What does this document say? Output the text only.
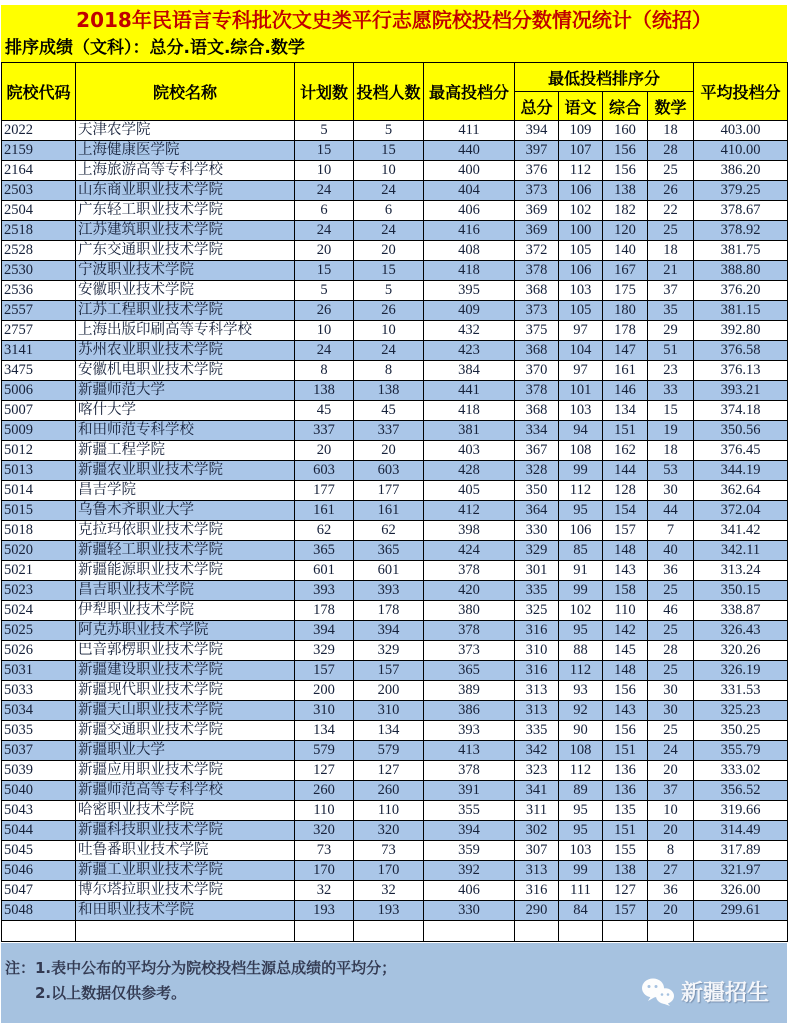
2018年民语言专科批次文史类平行志愿院校投档分数情况统计（统招）
排序成绩（文科）：总分.语文.综合.数学
院校代码	院校名称	计划数	投档人数	最高投档分	最低投档排序分				平均投档分
					总分	语文	综合	数学	
2022	天津农学院	5	5	411	394	109	160	18	403.00
2159	上海健康医学院	15	15	440	397	107	156	28	410.00
2164	上海旅游高等专科学校	10	10	400	376	112	156	25	386.20
2503	山东商业职业技术学院	24	24	404	373	106	138	26	379.25
2504	广东轻工职业技术学院	6	6	406	369	102	182	22	378.67
2518	江苏建筑职业技术学院	24	24	416	369	100	120	25	378.92
2528	广东交通职业技术学院	20	20	408	372	105	140	18	381.75
2530	宁波职业技术学院	15	15	418	378	106	167	21	388.80
2536	安徽职业技术学院	5	5	395	368	103	175	37	376.20
2557	江苏工程职业技术学院	26	26	409	373	105	180	35	381.15
2757	上海出版印刷高等专科学校	10	10	432	375	97	178	29	392.80
3141	苏州农业职业技术学院	24	24	423	368	104	147	51	376.58
3475	安徽机电职业技术学院	8	8	384	370	97	161	23	376.13
5006	新疆师范大学	138	138	441	378	101	146	33	393.21
5007	喀什大学	45	45	418	368	103	134	15	374.18
5009	和田师范专科学校	337	337	381	334	94	151	19	350.56
5012	新疆工程学院	20	20	403	367	108	162	18	376.45
5013	新疆农业职业技术学院	603	603	428	328	99	144	53	344.19
5014	昌吉学院	177	177	405	350	112	128	30	362.64
5015	乌鲁木齐职业大学	161	161	412	364	95	154	44	372.04
5018	克拉玛依职业技术学院	62	62	398	330	106	157	7	341.42
5020	新疆轻工职业技术学院	365	365	424	329	85	148	40	342.11
5021	新疆能源职业技术学院	601	601	378	301	91	143	36	313.24
5023	昌吉职业技术学院	393	393	420	335	99	158	25	350.15
5024	伊犁职业技术学院	178	178	380	325	102	110	46	338.87
5025	阿克苏职业技术学院	394	394	378	316	95	142	25	326.43
5026	巴音郭楞职业技术学院	329	329	373	310	88	145	28	320.26
5031	新疆建设职业技术学院	157	157	365	316	112	148	25	326.19
5033	新疆现代职业技术学院	200	200	389	313	93	156	30	331.53
5034	新疆天山职业技术学院	310	310	386	313	92	143	30	325.23
5035	新疆交通职业技术学院	134	134	393	335	90	156	25	350.25
5037	新疆职业大学	579	579	413	342	108	151	24	355.79
5039	新疆应用职业技术学院	127	127	378	323	112	136	20	333.02
5040	新疆师范高等专科学校	260	260	391	341	89	136	37	356.52
5043	哈密职业技术学院	110	110	355	311	95	135	10	319.66
5044	新疆科技职业技术学院	320	320	394	302	95	151	20	314.49
5045	吐鲁番职业技术学院	73	73	359	307	103	155	8	317.89
5046	新疆工业职业技术学院	170	170	392	313	99	138	27	321.97
5047	博尔塔拉职业技术学院	32	32	406	316	111	127	36	326.00
5048	和田职业技术学院	193	193	330	290	84	157	20	299.61

注：1.表中公布的平均分为院校投档生源总成绩的平均分；
2.以上数据仅供参考。	新疆招生
